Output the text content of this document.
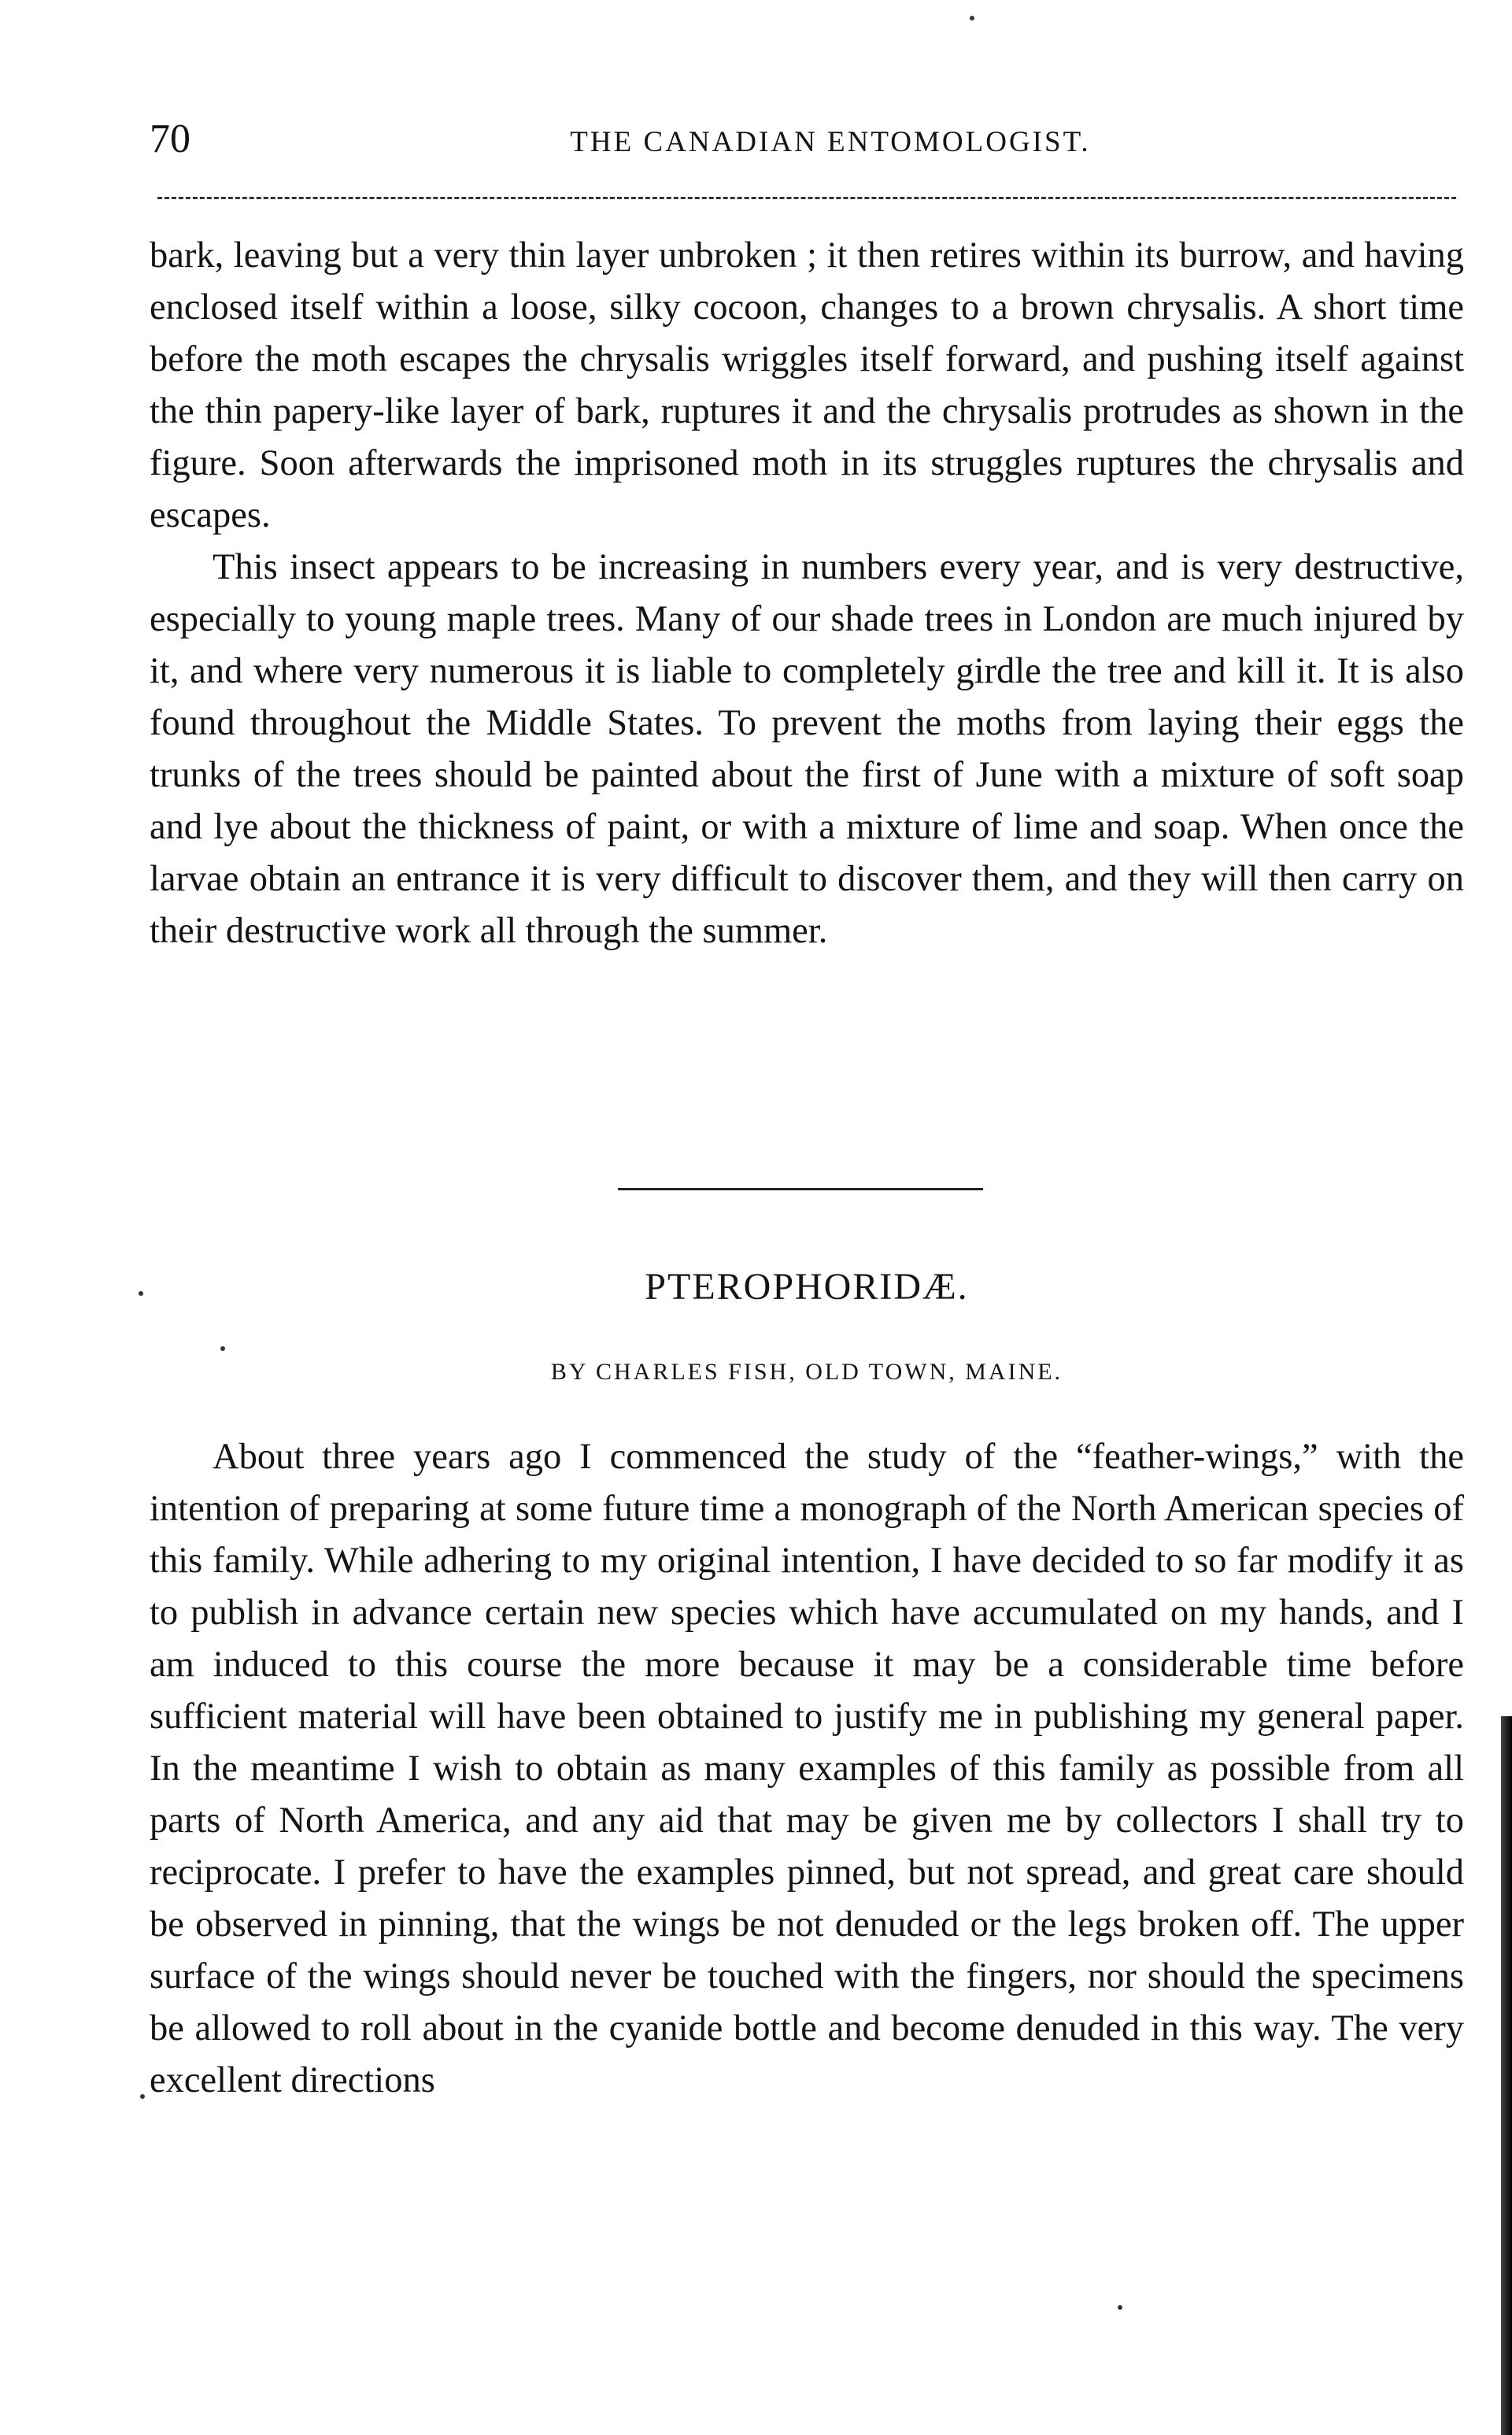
70	THE CANADIAN ENTOMOLOGIST.

bark, leaving but a very thin layer unbroken ; it then retires within its burrow, and having enclosed itself within a loose, silky cocoon, changes to a brown chrysalis. A short time before the moth escapes the chrysalis wriggles itself forward, and pushing itself against the thin papery-like layer of bark, ruptures it and the chrysalis protrudes as shown in the figure. Soon afterwards the imprisoned moth in its struggles ruptures the chrysalis and escapes.

This insect appears to be increasing in numbers every year, and is very destructive, especially to young maple trees. Many of our shade trees in London are much injured by it, and where very numerous it is liable to completely girdle the tree and kill it. It is also found throughout the Middle States. To prevent the moths from laying their eggs the trunks of the trees should be painted about the first of June with a mixture of soft soap and lye about the thickness of paint, or with a mixture of lime and soap. When once the larvae obtain an entrance it is very difficult to discover them, and they will then carry on their destructive work all through the summer.

PTEROPHORIDÆ.
BY CHARLES FISH, OLD TOWN, MAINE.

About three years ago I commenced the study of the “feather-wings,” with the intention of preparing at some future time a monograph of the North American species of this family. While adhering to my original intention, I have decided to so far modify it as to publish in advance certain new species which have accumulated on my hands, and I am induced to this course the more because it may be a considerable time before sufficient material will have been obtained to justify me in publishing my general paper. In the meantime I wish to obtain as many examples of this family as possible from all parts of North America, and any aid that may be given me by collectors I shall try to reciprocate. I prefer to have the examples pinned, but not spread, and great care should be observed in pinning, that the wings be not denuded or the legs broken off. The upper surface of the wings should never be touched with the fingers, nor should the specimens be allowed to roll about in the cyanide bottle and become denuded in this way. The very excellent directions
